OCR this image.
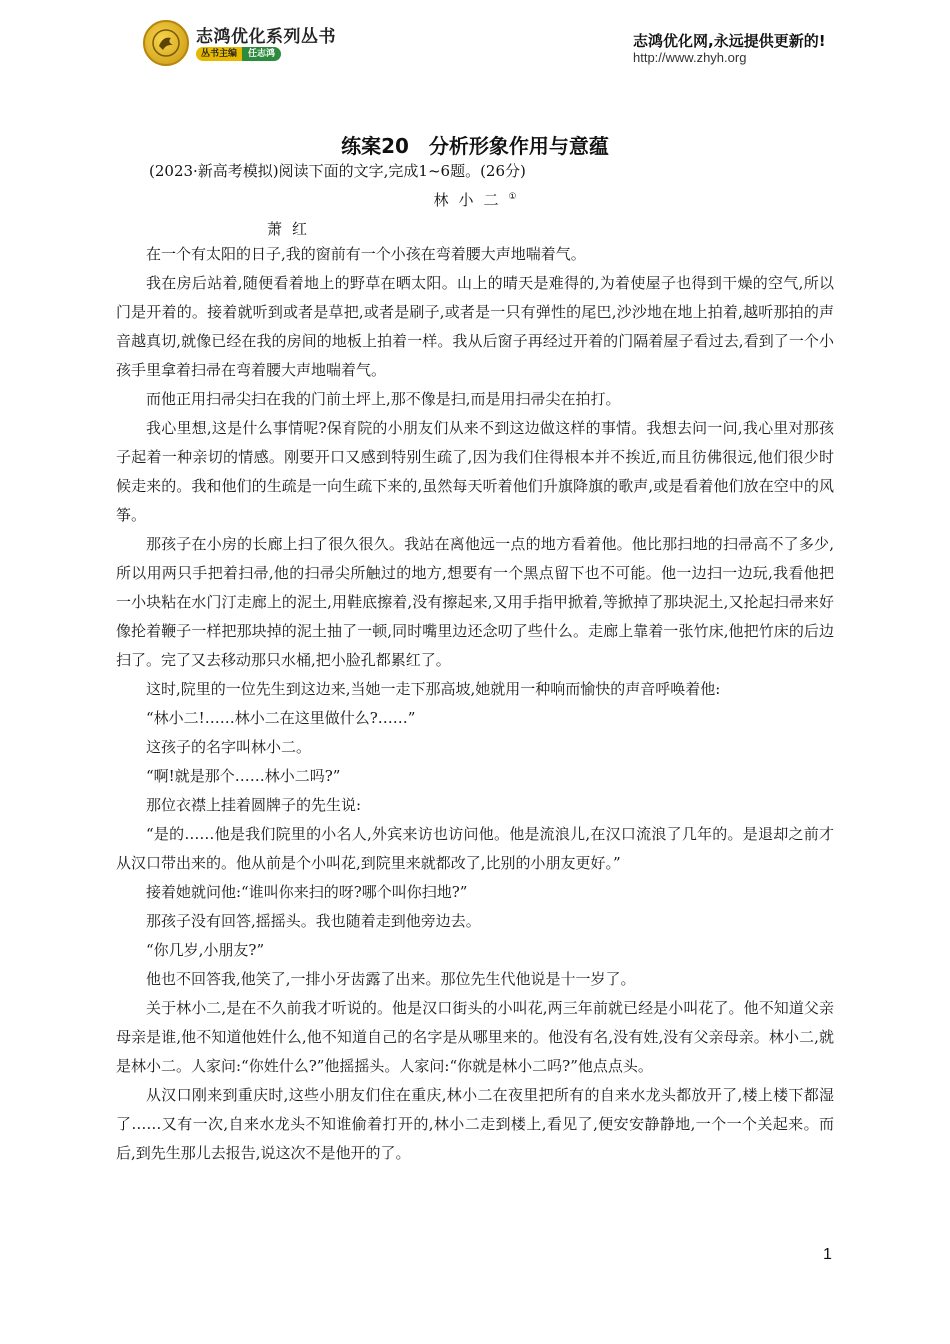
志鸿优化系列丛书
丛书主编	任志鸿
志鸿优化网,永远提供更新的!
http://www.zhyh.org
练案20　分析形象作用与意蕴
(2023·新高考模拟)阅读下面的文字,完成1~6题。(26分)
林小二①
萧红

在一个有太阳的日子,我的窗前有一个小孩在弯着腰大声地喘着气。

我在房后站着,随便看着地上的野草在晒太阳。山上的晴天是难得的,为着使屋子也得到干燥的空气,所以门是开着的。接着就听到或者是草把,或者是刷子,或者是一只有弹性的尾巴,沙沙地在地上拍着,越听那拍的声音越真切,就像已经在我的房间的地板上拍着一样。我从后窗子再经过开着的门隔着屋子看过去,看到了一个小孩手里拿着扫帚在弯着腰大声地喘着气。

而他正用扫帚尖扫在我的门前土坪上,那不像是扫,而是用扫帚尖在拍打。

我心里想,这是什么事情呢?保育院的小朋友们从来不到这边做这样的事情。我想去问一问,我心里对那孩子起着一种亲切的情感。刚要开口又感到特别生疏了,因为我们住得根本并不挨近,而且彷佛很远,他们很少时候走来的。我和他们的生疏是一向生疏下来的,虽然每天听着他们升旗降旗的歌声,或是看着他们放在空中的风筝。

那孩子在小房的长廊上扫了很久很久。我站在离他远一点的地方看着他。他比那扫地的扫帚高不了多少,所以用两只手把着扫帚,他的扫帚尖所触过的地方,想要有一个黑点留下也不可能。他一边扫一边玩,我看他把一小块粘在水门汀走廊上的泥土,用鞋底擦着,没有擦起来,又用手指甲掀着,等掀掉了那块泥土,又抡起扫帚来好像抡着鞭子一样把那块掉的泥土抽了一顿,同时嘴里边还念叨了些什么。走廊上靠着一张竹床,他把竹床的后边扫了。完了又去移动那只水桶,把小脸孔都累红了。

这时,院里的一位先生到这边来,当她一走下那高坡,她就用一种响而愉快的声音呼唤着他:

“林小二!……林小二在这里做什么?……”

这孩子的名字叫林小二。

“啊!就是那个……林小二吗?”

那位衣襟上挂着圆牌子的先生说:

“是的……他是我们院里的小名人,外宾来访也访问他。他是流浪儿,在汉口流浪了几年的。是退却之前才从汉口带出来的。他从前是个小叫花,到院里来就都改了,比别的小朋友更好。”

接着她就问他:“谁叫你来扫的呀?哪个叫你扫地?”

那孩子没有回答,摇摇头。我也随着走到他旁边去。

“你几岁,小朋友?”

他也不回答我,他笑了,一排小牙齿露了出来。那位先生代他说是十一岁了。

关于林小二,是在不久前我才听说的。他是汉口街头的小叫花,两三年前就已经是小叫花了。他不知道父亲母亲是谁,他不知道他姓什么,他不知道自己的名字是从哪里来的。他没有名,没有姓,没有父亲母亲。林小二,就是林小二。人家问:“你姓什么?”他摇摇头。人家问:“你就是林小二吗?”他点点头。

从汉口刚来到重庆时,这些小朋友们住在重庆,林小二在夜里把所有的自来水龙头都放开了,楼上楼下都湿了……又有一次,自来水龙头不知谁偷着打开的,林小二走到楼上,看见了,便安安静静地,一个一个关起来。而后,到先生那儿去报告,说这次不是他开的了。

1
